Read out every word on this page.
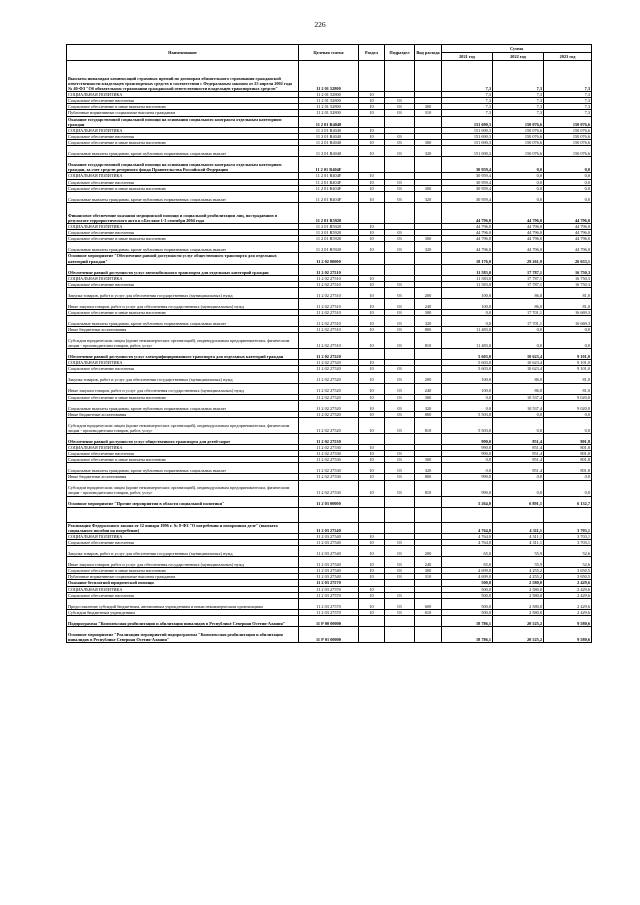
226
Наименование	Целевая статья	Раздел	Подраздел	Вид расхода	Сумма		
					2021 год	2022 год	2023 год
Выплаты инвалидам компенсаций страховых премий по договорам обязательного страхования гражданской ответственности владельцев транспортных средств в соответствии с Федеральным законом от 25 апреля 2002 года № 40-ФЗ "Об обязательном страховании гражданской ответственности владельцев транспортных средств"	11 2 01 52800				7,3	7,3	7,3
СОЦИАЛЬНАЯ ПОЛИТИКА	11 2 01 52800	10			7,3	7,3	7,3
Социальное обеспечение населения	11 2 01 52800	10	03		7,3	7,3	7,3
Социальное обеспечение и иные выплаты населению	11 2 01 52800	10	03	300	7,3	7,3	7,3
Публичные нормативные социальные выплаты гражданам	11 2 01 52800	10	03	310	7,3	7,3	7,3
Оказание государственной социальной помощи на основании социального контракта отдельным категориям граждан	11 2 01 R4040				151 690,3	150 076,6	150 076,6
СОЦИАЛЬНАЯ ПОЛИТИКА	11 2 01 R4040	10			151 690,3	150 076,6	150 076,6
Социальное обеспечение населения	11 2 01 R4040	10	03		151 690,3	150 076,6	150 076,6
Социальное обеспечение и иные выплаты населению	11 2 01 R4040	10	03	300	151 690,3	150 076,6	150 076,6
Социальные выплаты гражданам, кроме публичных нормативных социальных выплат	11 2 01 R4040	10	03	320	151 690,3	150 076,6	150 076,6
Оказание государственной социальной помощи на основании социального контракта отдельным категориям граждан, за счет средств резервного фонда Правительства Российской Федерации	11 2 01 R404F				30 959,4	0,0	0,0
СОЦИАЛЬНАЯ ПОЛИТИКА	11 2 01 R404F	10			30 959,4	0,0	0,0
Социальное обеспечение населения	11 2 01 R404F	10	03		30 959,4	0,0	0,0
Социальное обеспечение и иные выплаты населению	11 2 01 R404F	10	03	300	30 959,4	0,0	0,0
Социальные выплаты гражданам, кроме публичных нормативных социальных выплат	11 2 01 R404F	10	03	320	30 959,4	0,0	0,0
Финансовое обеспечение оказания медицинской помощи и социальной реабилитации лиц, пострадавших в результате террористического акта в г.Беслане 1-3 сентября 2004 года	11 2 01 R5920				44 796,0	44 796,0	44 796,0
СОЦИАЛЬНАЯ ПОЛИТИКА	11 2 01 R5920	10			44 796,0	44 796,0	44 796,0
Социальное обеспечение населения	11 2 01 R5920	10	03		44 796,0	44 796,0	44 796,0
Социальное обеспечение и иные выплаты населению	11 2 01 R5920	10	03	300	44 796,0	44 796,0	44 796,0
Социальные выплаты гражданам, кроме публичных нормативных социальных выплат	11 2 01 R5920	10	03	320	44 796,0	44 796,0	44 796,0
Основное мероприятие "Обеспечение равной доступности услуг общественного транспорта для отдельных категорий граждан"	11 2 02 00000				18 176,0	29 261,9	26 653,1
Обеспечение равной доступности услуг автомобильного транспорта для отдельных категорий граждан	11 2 02 27510				11 583,0	17 787,1	16 750,3
СОЦИАЛЬНАЯ ПОЛИТИКА	11 2 02 27510	10			11 583,0	17 787,1	16 750,3
Социальное обеспечение населения	11 2 02 27510	10	03		11 583,0	17 787,1	16 750,3
Закупка товаров, работ и услуг для обеспечения государственных (муниципальных) нужд	11 2 02 27510	10	03	200	100,0	86,0	81,0
Иные закупки товаров, работ и услуг для обеспечения государственных (муниципальных) нужд	11 2 02 27510	10	03	240	100,0	86,0	81,0
Социальное обеспечение и иные выплаты населению	11 2 02 27510	10	03	300	0,0	17 701,1	16 669,3
Социальные выплаты гражданам, кроме публичных нормативных социальных выплат	11 2 02 27510	10	03	320	0,0	17 701,1	16 669,3
Иные бюджетные ассигнования	11 2 02 27510	10	03	800	11 483,0	0,0	0,0
Субсидии юридическим лицам (кроме некоммерческих организаций), индивидуальным предпринимателям, физическим лицам - производителям товаров, работ, услуг	11 2 02 27510	10	03	810	11 483,0	0,0	0,0
Обеспечение равной доступности услуг электрифицированного транспорта для отдельных категорий граждан	11 2 02 27520				5 603,0	10 623,4	9 101,0
СОЦИАЛЬНАЯ ПОЛИТИКА	11 2 02 27520	10			5 603,0	10 623,4	9 101,0
Социальное обеспечение населения	11 2 02 27520	10	03		5 603,0	10 623,4	9 101,0
Закупка товаров, работ и услуг для обеспечения государственных (муниципальных) нужд	11 2 02 27520	10	03	200	100,0	86,0	81,0
Иные закупки товаров, работ и услуг для обеспечения государственных (муниципальных) нужд	11 2 02 27520	10	03	240	100,0	86,0	81,0
Социальное обеспечение и иные выплаты населению	11 2 02 27520	10	03	300	0,0	10 537,4	9 020,0
Социальные выплаты гражданам, кроме публичных нормативных социальных выплат	11 2 02 27520	10	03	320	0,0	10 537,4	9 020,0
Иные бюджетные ассигнования	11 2 02 27520	10	03	800	5 503,0	0,0	0,0
Субсидии юридическим лицам (кроме некоммерческих организаций), индивидуальным предпринимателям, физическим лицам - производителям товаров, работ, услуг	11 2 02 27520	10	03	810	5 503,0	0,0	0,0
Обеспечение равной доступности услуг общественного транспорта для детей-сирот	11 2 02 27530				990,0	851,4	801,8
СОЦИАЛЬНАЯ ПОЛИТИКА	11 2 02 27530	10			990,0	851,4	801,8
Социальное обеспечение населения	11 2 02 27530	10	03		990,0	851,4	801,8
Социальное обеспечение и иные выплаты населению	11 2 02 27530	10	03	300	0,0	851,4	801,8
Социальные выплаты гражданам, кроме публичных нормативных социальных выплат	11 2 02 27530	10	03	320	0,0	851,4	801,8
Иные бюджетные ассигнования	11 2 02 27530	10	03	800	990,0	0,0	0,0
Субсидии юридическим лицам (кроме некоммерческих организаций), индивидуальным предпринимателям, физическим лицам - производителям товаров, работ, услуг	11 2 02 27530	10	03	810	990,0	0,0	0,0
Основное мероприятие "Прочие мероприятия в области социальной политики"	11 2 03 00000				5 264,0	6 891,1	6 132,7

Реализация Федерального закона от 12 января 1996 г. № 8-ФЗ "О погребении и похоронном деле" (выплата социального пособия на погребение)	11 2 03 27540				4 764,0	4 311,1	3 703,1
СОЦИАЛЬНАЯ ПОЛИТИКА	11 2 03 27540	10			4 764,0	4 311,1	3 703,1
Социальное обеспечение населения	11 2 03 27540	10	03		4 764,0	4 311,1	3 703,1
Закупка товаров, работ и услуг для обеспечения государственных (муниципальных) нужд	11 2 03 27540	10	03	200	65,0	55,9	52,6
Иные закупки товаров, работ и услуг для обеспечения государственных (муниципальных) нужд	11 2 03 27540	10	03	240	65,0	55,9	52,6
Социальное обеспечение и иные выплаты населению	11 2 03 27540	10	03	300	4 699,0	4 255,2	3 650,5
Публичные нормативные социальные выплаты гражданам	11 2 03 27540	10	03	310	4 699,0	4 255,2	3 650,5
Оказание бесплатной юридической помощи	11 2 03 27570				500,0	2 580,0	2 429,6
СОЦИАЛЬНАЯ ПОЛИТИКА	11 2 03 27570	10			500,0	2 580,0	2 429,6
Социальное обеспечение населения	11 2 03 27570	10	03		500,0	2 580,0	2 429,6
Предоставление субсидий бюджетным, автономным учреждениям и иным некоммерческим организациям	11 2 03 27570	10	03	600	500,0	2 580,0	2 429,6
Субсидии бюджетным учреждениям	11 2 03 27570	10	03	610	500,0	2 580,0	2 429,6
Подпрограмма "Комплексная реабилитация и абилитация инвалидов в Республике Северная Осетия-Алания"	11 Р 00 00000				18 786,1	20 525,2	9 580,6
Основное мероприятие "Реализация мероприятий подпрограммы "Комплексная реабилитация и абилитация инвалидов в Республике Северная Осетия-Алания"	11 Р 01 00000				18 786,1	20 525,2	9 580,6
